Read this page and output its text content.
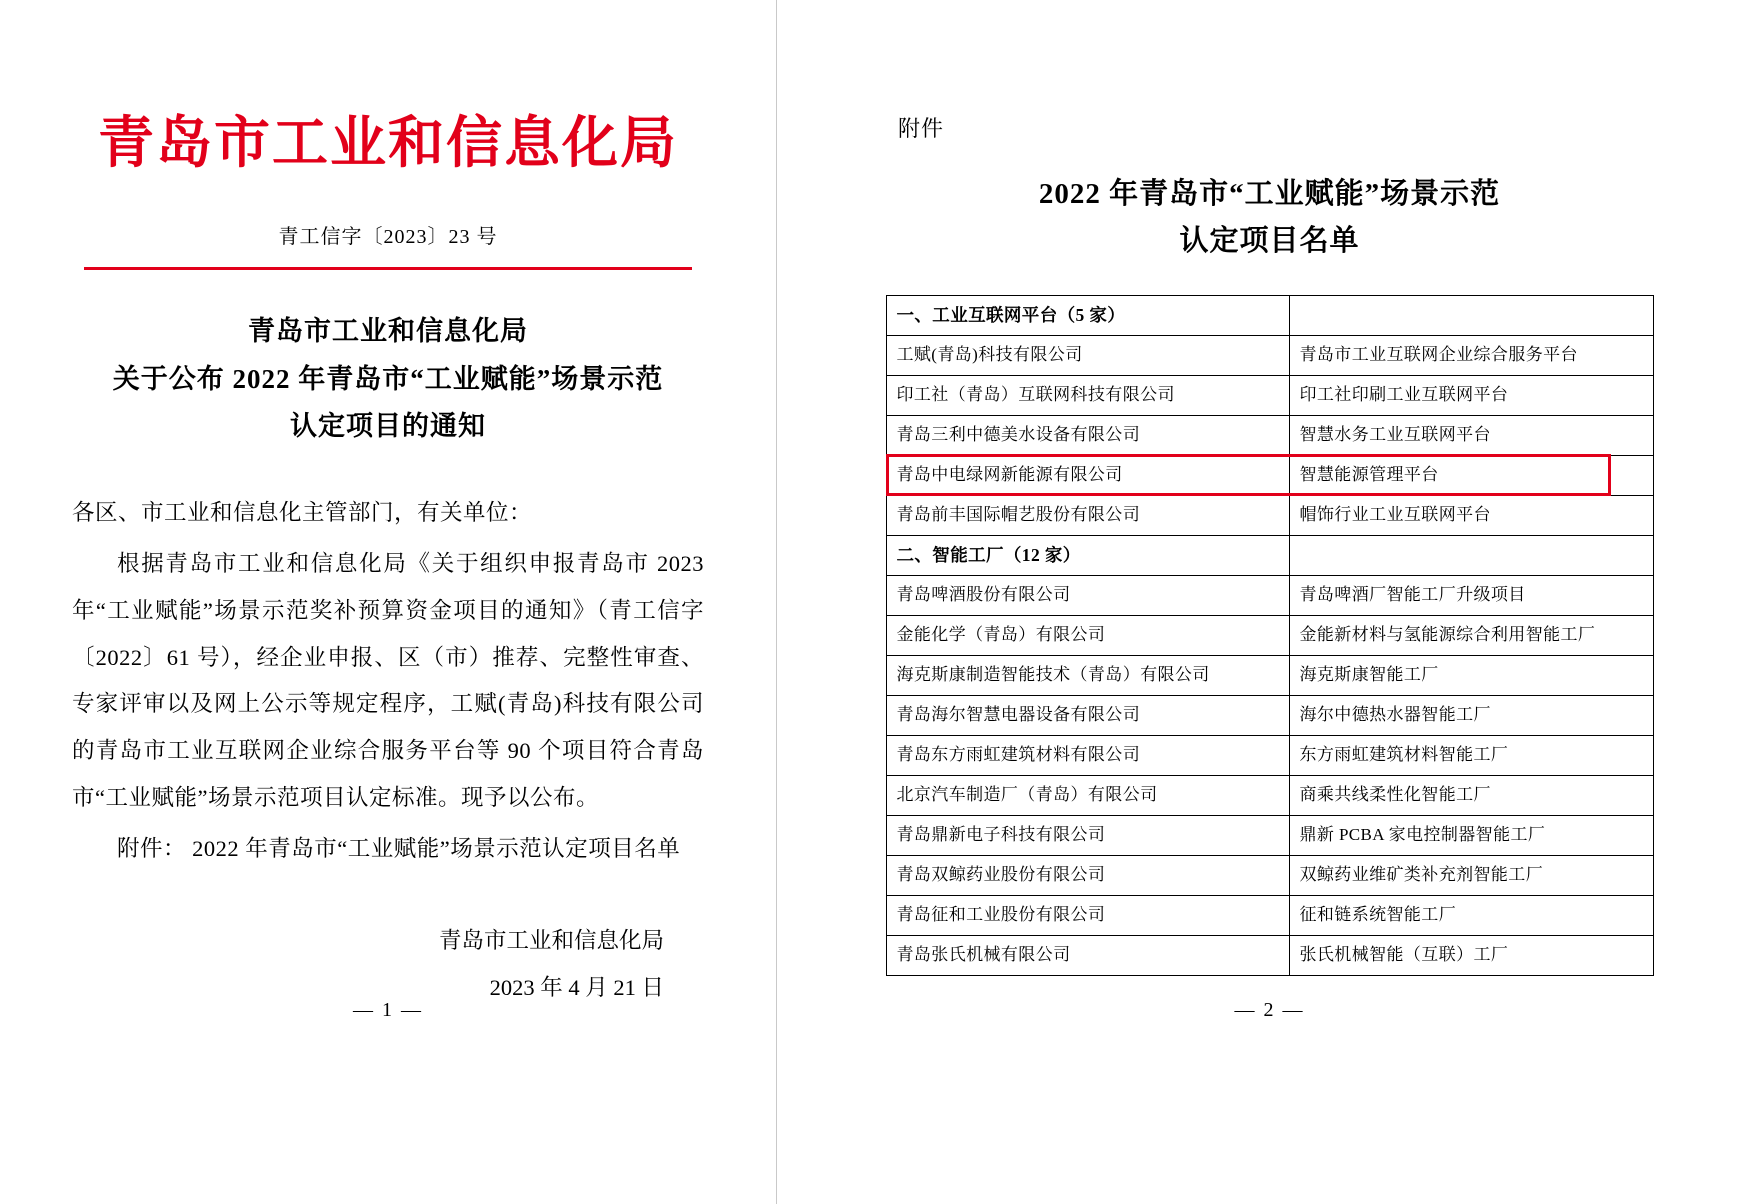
青岛市工业和信息化局
青工信字〔2023〕23 号
青岛市工业和信息化局
关于公布 2022 年青岛市“工业赋能”场景示范
认定项目的通知

各区、市工业和信息化主管部门，有关单位：

根据青岛市工业和信息化局《关于组织申报青岛市 2023 年“工业赋能”场景示范奖补预算资金项目的通知》（青工信字〔2022〕61 号），经企业申报、区（市）推荐、完整性审查、专家评审以及网上公示等规定程序，工赋(青岛)科技有限公司的青岛市工业互联网企业综合服务平台等 90 个项目符合青岛市“工业赋能”场景示范项目认定标准。现予以公布。

附件： 2022 年青岛市“工业赋能”场景示范认定项目名单

青岛市工业和信息化局
2023 年 4 月 21 日
— 1 —
附件
2022 年青岛市“工业赋能”场景示范
认定项目名单
一、工业互联网平台（5 家）	
工赋(青岛)科技有限公司	青岛市工业互联网企业综合服务平台
印工社（青岛）互联网科技有限公司	印工社印刷工业互联网平台
青岛三利中德美水设备有限公司	智慧水务工业互联网平台
青岛中电绿网新能源有限公司	智慧能源管理平台
青岛前丰国际帽艺股份有限公司	帽饰行业工业互联网平台
二、智能工厂（12 家）	
青岛啤酒股份有限公司	青岛啤酒厂智能工厂升级项目
金能化学（青岛）有限公司	金能新材料与氢能源综合利用智能工厂
海克斯康制造智能技术（青岛）有限公司	海克斯康智能工厂
青岛海尔智慧电器设备有限公司	海尔中德热水器智能工厂
青岛东方雨虹建筑材料有限公司	东方雨虹建筑材料智能工厂
北京汽车制造厂（青岛）有限公司	商乘共线柔性化智能工厂
青岛鼎新电子科技有限公司	鼎新 PCBA 家电控制器智能工厂
青岛双鲸药业股份有限公司	双鲸药业维矿类补充剂智能工厂
青岛征和工业股份有限公司	征和链系统智能工厂
青岛张氏机械有限公司	张氏机械智能（互联）工厂

— 2 —
